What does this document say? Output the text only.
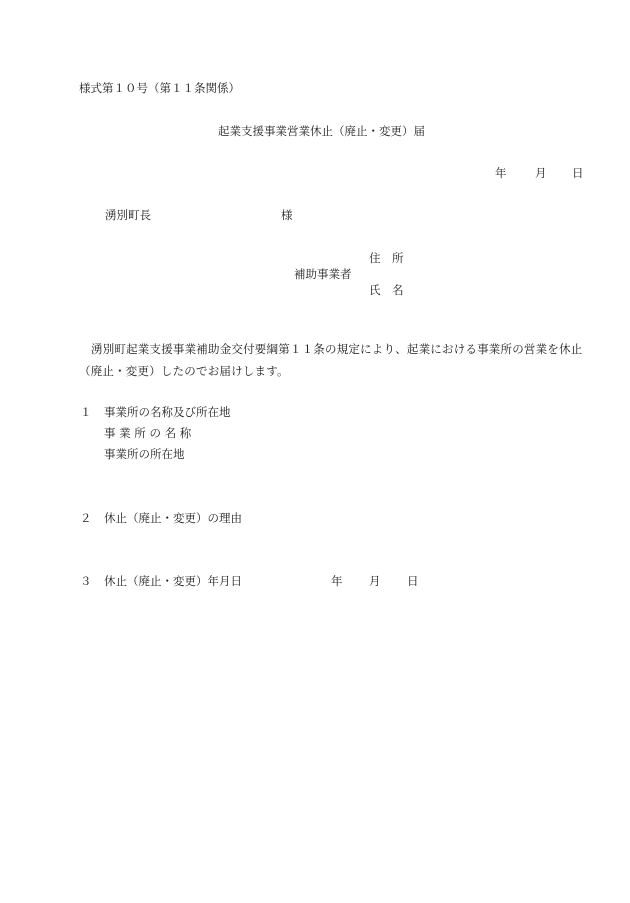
様式第１０号（第１１条関係）
起業支援事業営業休止（廃止・変更）届
年 月 日
湧別町長	様
住　所
補助事業者
氏　名
湧別町起業支援事業補助金交付要綱第１１条の規定により、起業における事業所の営業を休止（廃止・変更）したのでお届けします。
１ 事業所の名称及び所在地
事 業 所 の 名 称
事業所の所在地
２ 休止（廃止・変更）の理由
３ 休止（廃止・変更）年月日	年 月 日
